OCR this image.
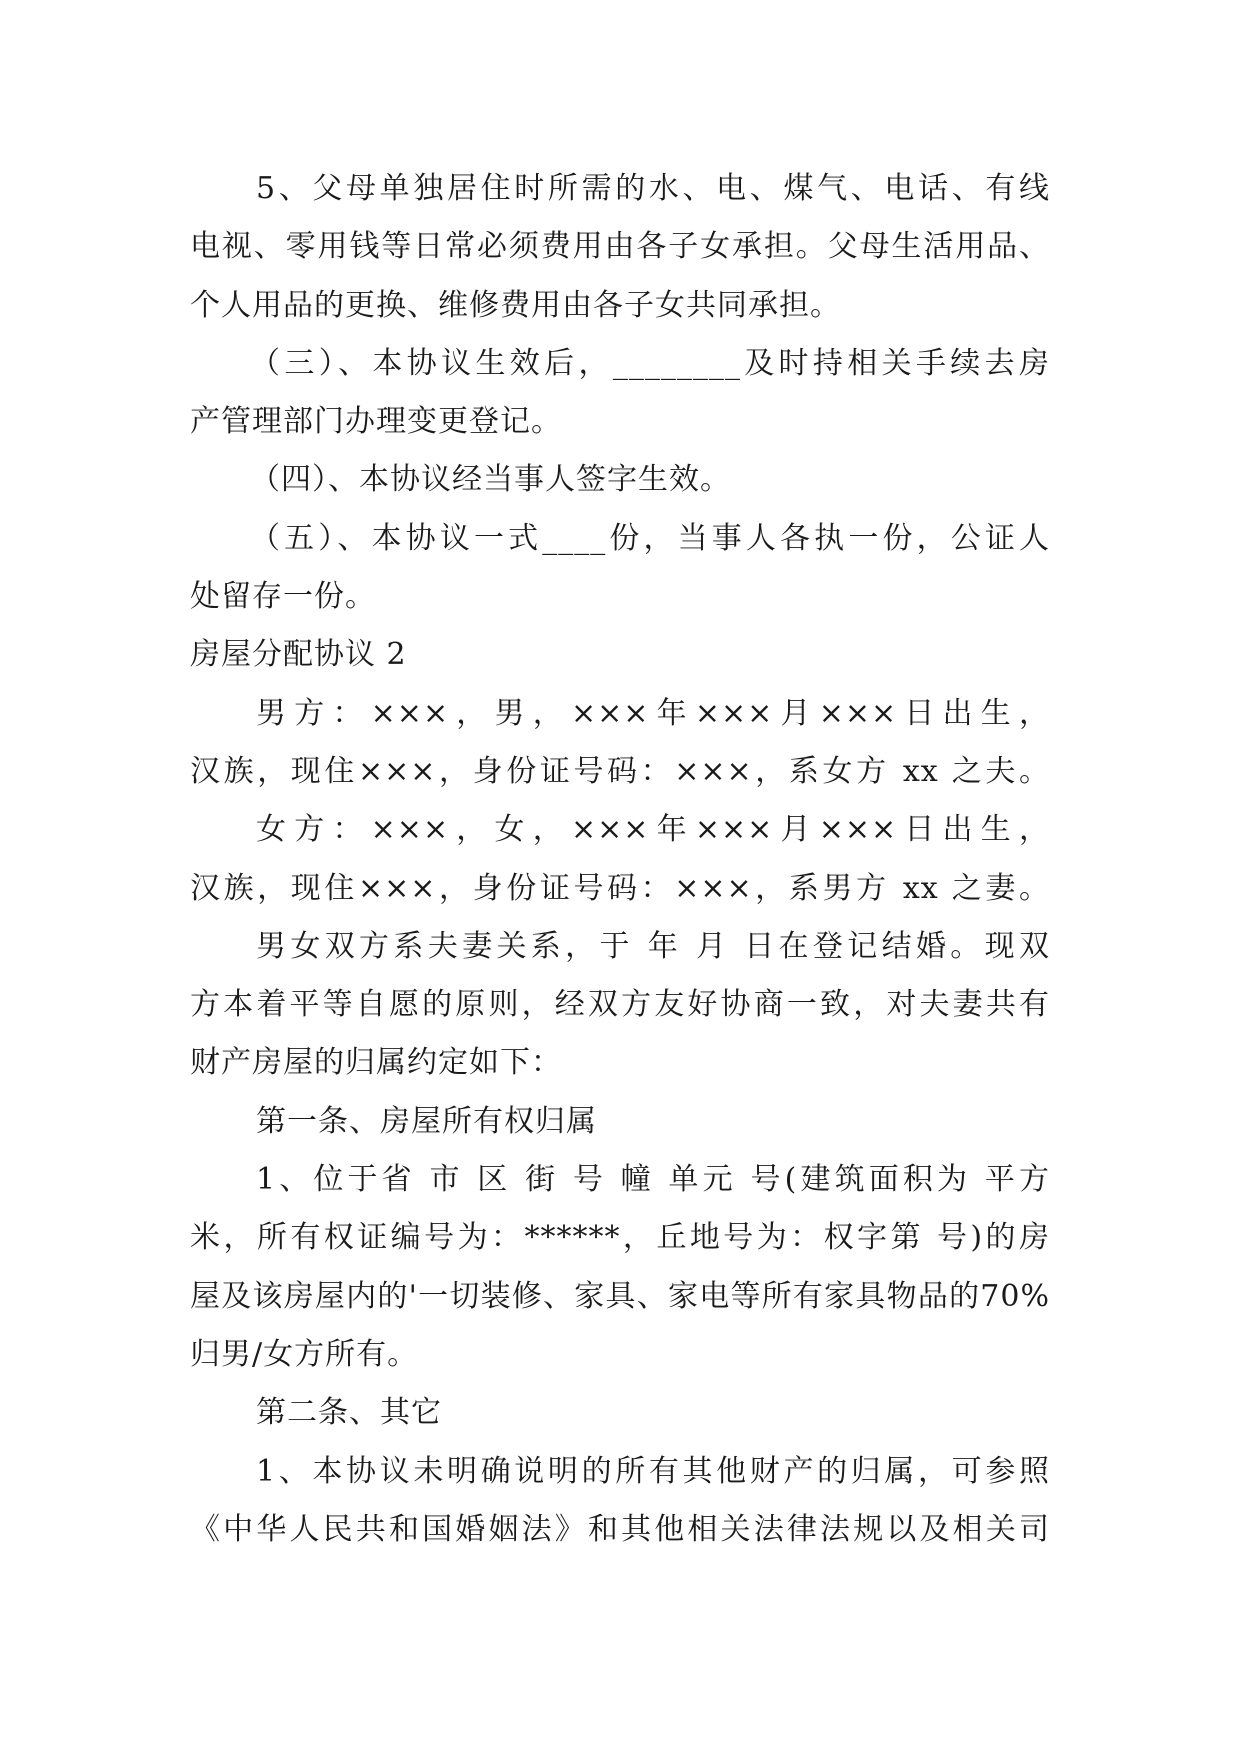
5、父母单独居住时所需的水、电、煤气、电话、有线
电视、零用钱等日常必须费用由各子女承担。父母生活用品、
个人用品的更换、维修费用由各子女共同承担。
（三）、本协议生效后，________及时持相关手续去房
产管理部门办理变更登记。
（四）、本协议经当事人签字生效。
（五）、本协议一式____份，当事人各执一份，公证人
处留存一份。
房屋分配协议 2
男方：×××，男，×××年×××月×××日出生，
汉族，现住×××，身份证号码：×××，系女方 xx 之夫。
女方：×××，女，×××年×××月×××日出生，
汉族，现住×××，身份证号码：×××，系男方 xx 之妻。
男女双方系夫妻关系，于 年 月 日在登记结婚。现双
方本着平等自愿的原则，经双方友好协商一致，对夫妻共有
财产房屋的归属约定如下：
第一条、房屋所有权归属
1、位于省 市 区 街 号 幢 单元 号(建筑面积为 平方
米，所有权证编号为：******，丘地号为：权字第 号)的房
屋及该房屋内的'一切装修、家具、家电等所有家具物品的70%
归男/女方所有。
第二条、其它
1、本协议未明确说明的所有其他财产的归属，可参照
《中华人民共和国婚姻法》和其他相关法律法规以及相关司
